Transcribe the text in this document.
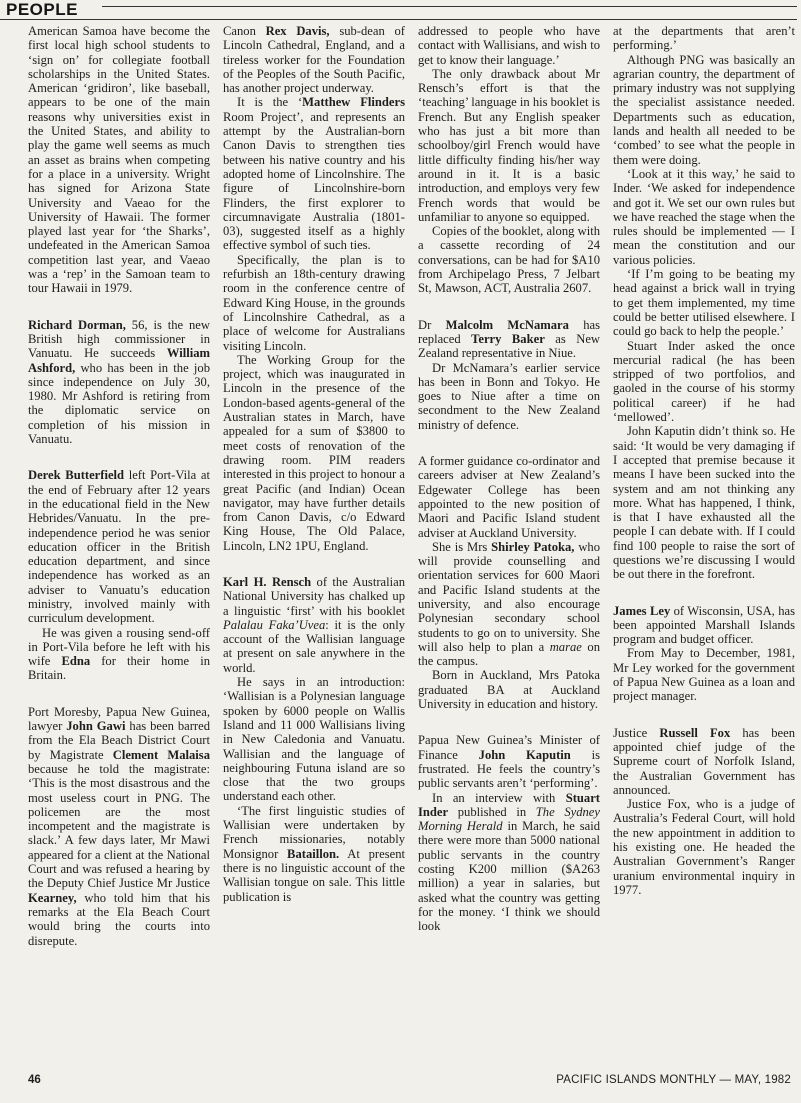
PEOPLE

American Samoa have become the first local high school students to ‘sign on’ for collegiate football scholarships in the United States. American ‘gridiron’, like baseball, appears to be one of the main reasons why universities exist in the United States, and ability to play the game well seems as much an asset as brains when competing for a place in a university. Wright has signed for Arizona State University and Vaeao for the University of Hawaii. The former played last year for ‘the Sharks’, undefeated in the American Samoa competition last year, and Vaeao was a ‘rep’ in the Samoan team to tour Hawaii in 1979.

Richard Dorman, 56, is the new British high commissioner in Vanuatu. He succeeds William Ashford, who has been in the job since independence on July 30, 1980. Mr Ashford is retiring from the diplomatic service on completion of his mission in Vanuatu.

Derek Butterfield left Port-Vila at the end of February after 12 years in the educational field in the New Hebrides/Vanuatu. In the pre-independence period he was senior education officer in the British education department, and since independence has worked as an adviser to Vanuatu’s education ministry, involved mainly with curriculum development.

He was given a rousing send-off in Port-Vila before he left with his wife Edna for their home in Britain.

Port Moresby, Papua New Guinea, lawyer John Gawi has been barred from the Ela Beach District Court by Magistrate Clement Malaisa because he told the magistrate: ‘This is the most disastrous and the most useless court in PNG. The policemen are the most incompetent and the magistrate is slack.’ A few days later, Mr Mawi appeared for a client at the National Court and was refused a hearing by the Deputy Chief Justice Mr Justice Kearney, who told him that his remarks at the Ela Beach Court would bring the courts into disrepute.

Canon Rex Davis, sub-dean of Lincoln Cathedral, England, and a tireless worker for the Foundation of the Peoples of the South Pacific, has another project underway.

It is the ‘Matthew Flinders Room Project’, and represents an attempt by the Australian-born Canon Davis to strengthen ties between his native country and his adopted home of Lincolnshire. The figure of Lincolnshire-born Flinders, the first explorer to circumnavigate Australia (1801-03), suggested itself as a highly effective symbol of such ties.

Specifically, the plan is to refurbish an 18th-century drawing room in the conference centre of Edward King House, in the grounds of Lincolnshire Cathedral, as a place of welcome for Australians visiting Lincoln.

The Working Group for the project, which was inaugurated in Lincoln in the presence of the London-based agents-general of the Australian states in March, have appealed for a sum of $3800 to meet costs of renovation of the drawing room. PIM readers interested in this project to honour a great Pacific (and Indian) Ocean navigator, may have further details from Canon Davis, c/o Edward King House, The Old Palace, Lincoln, LN2 1PU, England.

Karl H. Rensch of the Australian National University has chalked up a linguistic ‘first’ with his booklet Palalau Faka’Uvea: it is the only account of the Wallisian language at present on sale anywhere in the world.

He says in an introduction: ‘Wallisian is a Polynesian language spoken by 6000 people on Wallis Island and 11 000 Wallisians living in New Caledonia and Vanuatu. Wallisian and the language of neighbouring Futuna island are so close that the two groups understand each other.

‘The first linguistic studies of Wallisian were undertaken by French missionaries, notably Monsignor Bataillon. At present there is no linguistic account of the Wallisian tongue on sale. This little publication is

addressed to people who have contact with Wallisians, and wish to get to know their language.’

The only drawback about Mr Rensch’s effort is that the ‘teaching’ language in his booklet is French. But any English speaker who has just a bit more than schoolboy/girl French would have little difficulty finding his/her way around in it. It is a basic introduction, and employs very few French words that would be unfamiliar to anyone so equipped.

Copies of the booklet, along with a cassette recording of 24 conversations, can be had for $A10 from Archipelago Press, 7 Jelbart St, Mawson, ACT, Australia 2607.

Dr Malcolm McNamara has replaced Terry Baker as New Zealand representative in Niue.

Dr McNamara’s earlier service has been in Bonn and Tokyo. He goes to Niue after a time on secondment to the New Zealand ministry of defence.

A former guidance co-ordinator and careers adviser at New Zealand’s Edgewater College has been appointed to the new position of Maori and Pacific Island student adviser at Auckland University.

She is Mrs Shirley Patoka, who will provide counselling and orientation services for 600 Maori and Pacific Island students at the university, and also encourage Polynesian secondary school students to go on to university. She will also help to plan a marae on the campus.

Born in Auckland, Mrs Patoka graduated BA at Auckland University in education and history.

Papua New Guinea’s Minister of Finance John Kaputin is frustrated. He feels the country’s public servants aren’t ‘performing’.

In an interview with Stuart Inder published in The Sydney Morning Herald in March, he said there were more than 5000 national public servants in the country costing K200 million ($A263 million) a year in salaries, but asked what the country was getting for the money. ‘I think we should look

at the departments that aren’t performing.’

Although PNG was basically an agrarian country, the department of primary industry was not supplying the specialist assistance needed. Departments such as education, lands and health all needed to be ‘combed’ to see what the people in them were doing.

‘Look at it this way,’ he said to Inder. ‘We asked for independence and got it. We set our own rules but we have reached the stage when the rules should be implemented — I mean the constitution and our various policies.

‘If I’m going to be beating my head against a brick wall in trying to get them implemented, my time could be better utilised elsewhere. I could go back to help the people.’

Stuart Inder asked the once mercurial radical (he has been stripped of two portfolios, and gaoled in the course of his stormy political career) if he had ‘mellowed’.

John Kaputin didn’t think so. He said: ‘It would be very damaging if I accepted that premise because it means I have been sucked into the system and am not thinking any more. What has happened, I think, is that I have exhausted all the people I can debate with. If I could find 100 people to raise the sort of questions we’re discussing I would be out there in the forefront.

James Ley of Wisconsin, USA, has been appointed Marshall Islands program and budget officer.

From May to December, 1981, Mr Ley worked for the government of Papua New Guinea as a loan and project manager.

Justice Russell Fox has been appointed chief judge of the Supreme court of Norfolk Island, the Australian Government has announced.

Justice Fox, who is a judge of Australia’s Federal Court, will hold the new appointment in addition to his existing one. He headed the Australian Government’s Ranger uranium environmental inquiry in 1977.

46	PACIFIC ISLANDS MONTHLY — MAY, 1982
